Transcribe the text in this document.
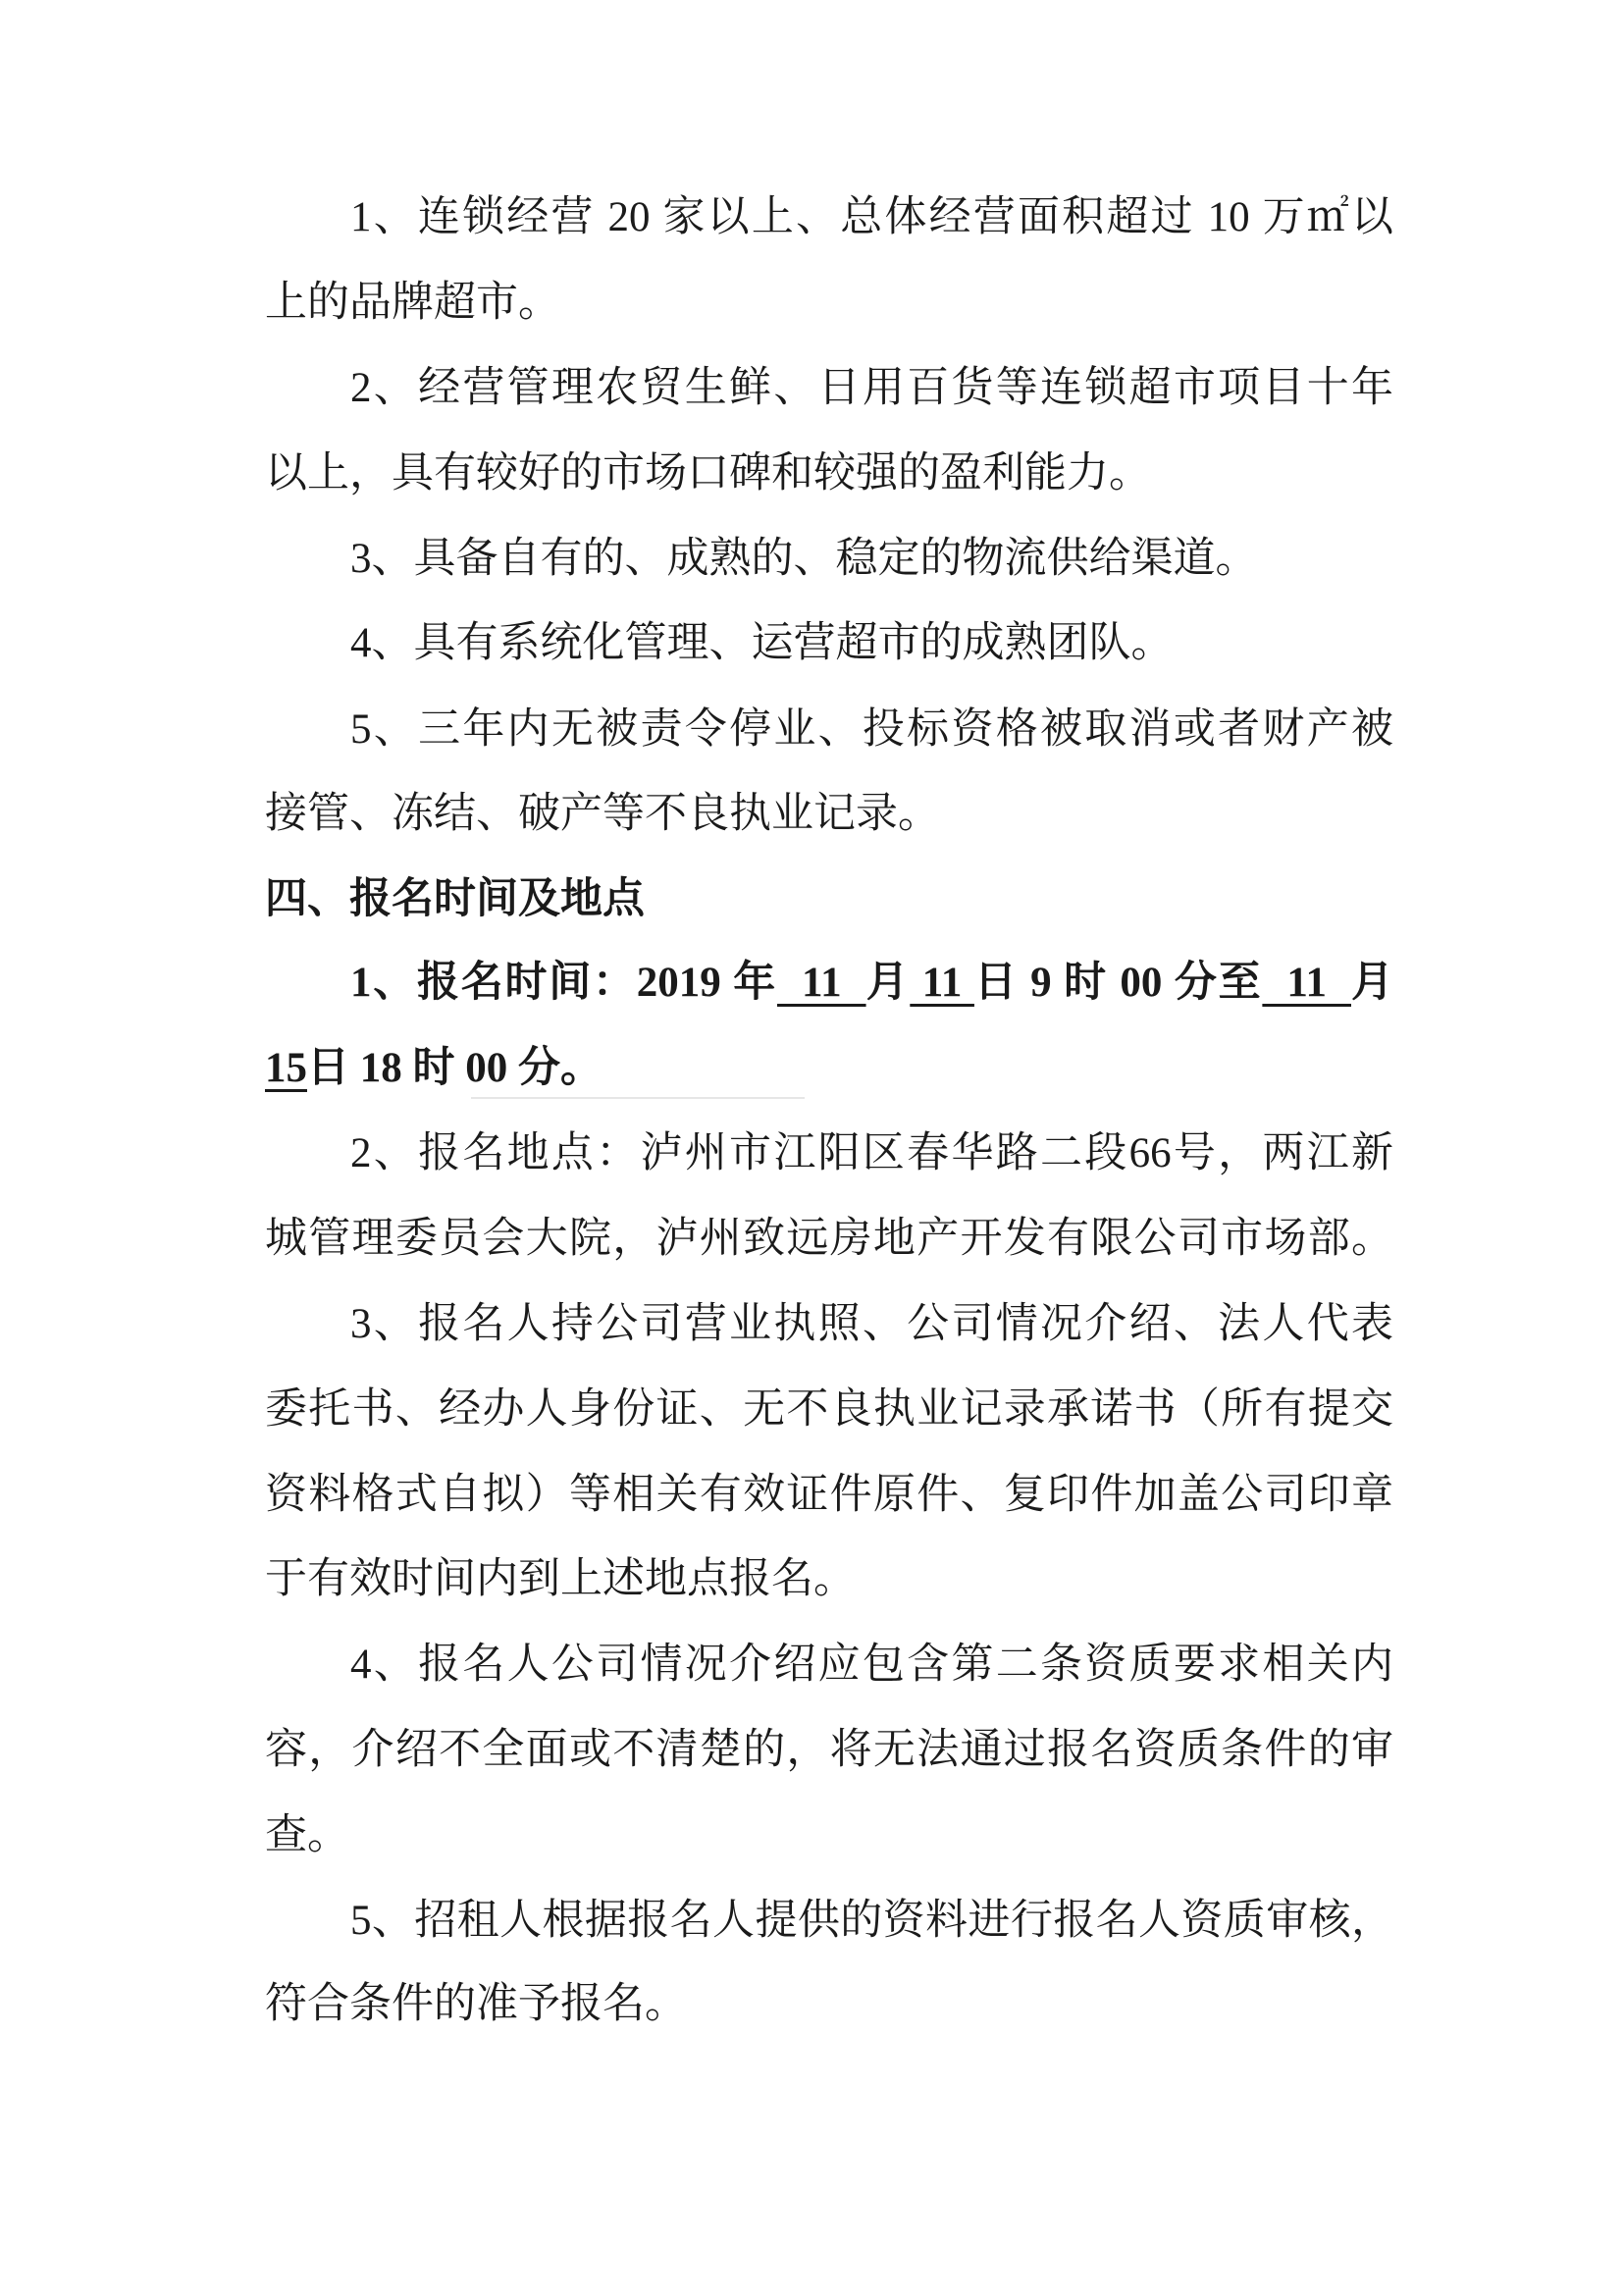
1、连锁经营 20 家以上、总体经营面积超过 10 万㎡以
上的品牌超市。
2、经营管理农贸生鲜、日用百货等连锁超市项目十年
以上，具有较好的市场口碑和较强的盈利能力。
3、具备自有的、成熟的、稳定的物流供给渠道。
4、具有系统化管理、运营超市的成熟团队。
5、三年内无被责令停业、投标资格被取消或者财产被
接管、冻结、破产等不良执业记录。
四、报名时间及地点
1、报名时间：2019 年  11  月 11 日 9 时 00 分至  11  月
15日 18 时 00 分。
2、报名地点：泸州市江阳区春华路二段66号，两江新
城管理委员会大院，泸州致远房地产开发有限公司市场部。
3、报名人持公司营业执照、公司情况介绍、法人代表
委托书、经办人身份证、无不良执业记录承诺书（所有提交
资料格式自拟）等相关有效证件原件、复印件加盖公司印章
于有效时间内到上述地点报名。
4、报名人公司情况介绍应包含第二条资质要求相关内
容，介绍不全面或不清楚的，将无法通过报名资质条件的审
查。
5、招租人根据报名人提供的资料进行报名人资质审核，
符合条件的准予报名。
